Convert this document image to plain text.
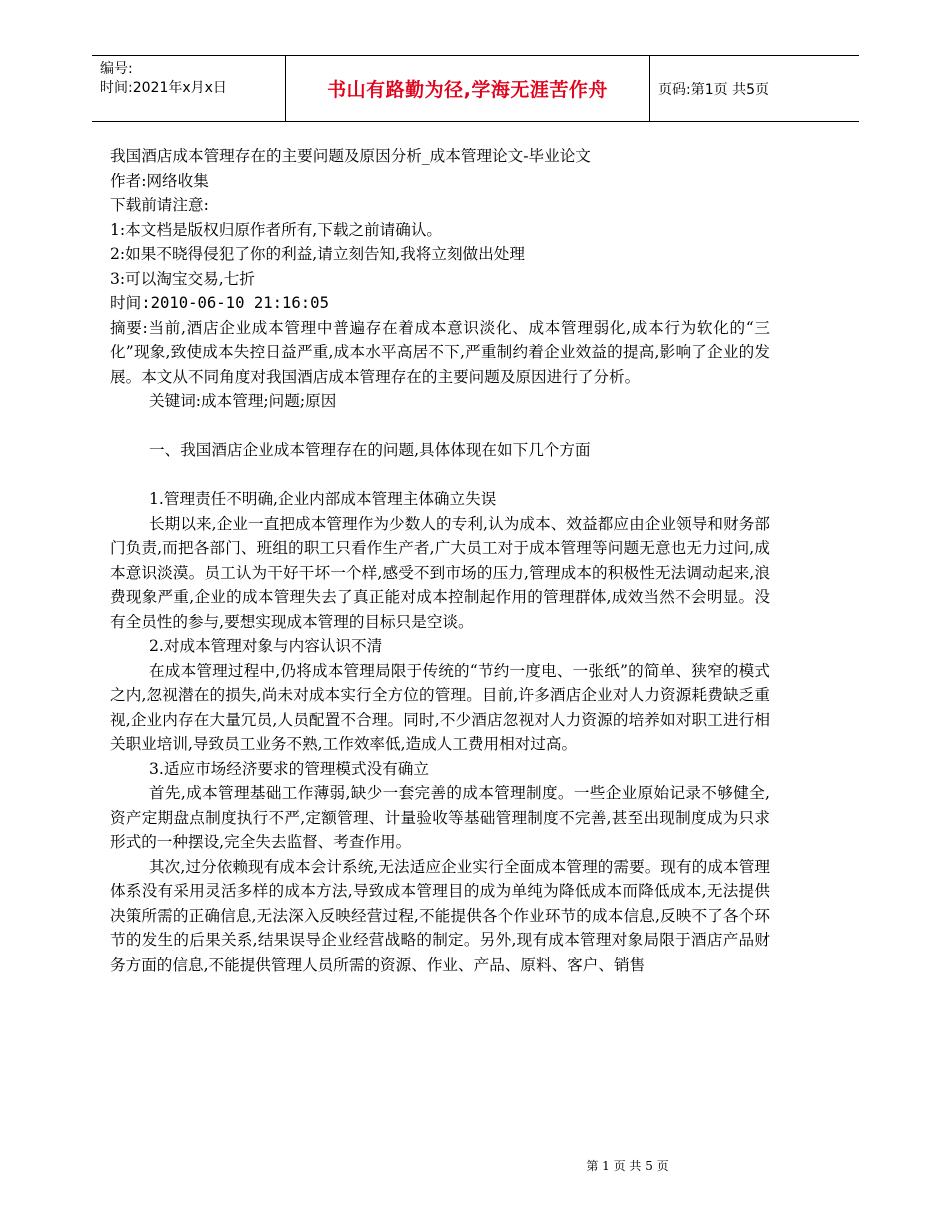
编号:
时间:2021年x月x日	书山有路勤为径,学海无涯苦作舟	页码:第1页 共5页
我国酒店成本管理存在的主要问题及原因分析_成本管理论文-毕业论文
作者:网络收集
下载前请注意:
1:本文档是版权归原作者所有,下载之前请确认。
2:如果不晓得侵犯了你的利益,请立刻告知,我将立刻做出处理
3:可以淘宝交易,七折
时间:2010-06-10 21:16:05
摘要:当前,酒店企业成本管理中普遍存在着成本意识淡化、成本管理弱化,成本行为软化的“三化”现象,致使成本失控日益严重,成本水平高居不下,严重制约着企业效益的提高,影响了企业的发展。本文从不同角度对我国酒店成本管理存在的主要问题及原因进行了分析。
关键词:成本管理;问题;原因
一、我国酒店企业成本管理存在的问题,具体体现在如下几个方面
1.管理责任不明确,企业内部成本管理主体确立失误
长期以来,企业一直把成本管理作为少数人的专利,认为成本、效益都应由企业领导和财务部门负责,而把各部门、班组的职工只看作生产者,广大员工对于成本管理等问题无意也无力过问,成本意识淡漠。员工认为干好干坏一个样,感受不到市场的压力,管理成本的积极性无法调动起来,浪费现象严重,企业的成本管理失去了真正能对成本控制起作用的管理群体,成效当然不会明显。没有全员性的参与,要想实现成本管理的目标只是空谈。
2.对成本管理对象与内容认识不清
在成本管理过程中,仍将成本管理局限于传统的“节约一度电、一张纸”的简单、狭窄的模式之内,忽视潜在的损失,尚未对成本实行全方位的管理。目前,许多酒店企业对人力资源耗费缺乏重视,企业内存在大量冗员,人员配置不合理。同时,不少酒店忽视对人力资源的培养如对职工进行相关职业培训,导致员工业务不熟,工作效率低,造成人工费用相对过高。
3.适应市场经济要求的管理模式没有确立
首先,成本管理基础工作薄弱,缺少一套完善的成本管理制度。一些企业原始记录不够健全,资产定期盘点制度执行不严,定额管理、计量验收等基础管理制度不完善,甚至出现制度成为只求形式的一种摆设,完全失去监督、考查作用。
其次,过分依赖现有成本会计系统,无法适应企业实行全面成本管理的需要。现有的成本管理体系没有采用灵活多样的成本方法,导致成本管理目的成为单纯为降低成本而降低成本,无法提供决策所需的正确信息,无法深入反映经营过程,不能提供各个作业环节的成本信息,反映不了各个环节的发生的后果关系,结果误导企业经营战略的制定。另外,现有成本管理对象局限于酒店产品财务方面的信息,不能提供管理人员所需的资源、作业、产品、原料、客户、销售
第 1 页 共 5 页
